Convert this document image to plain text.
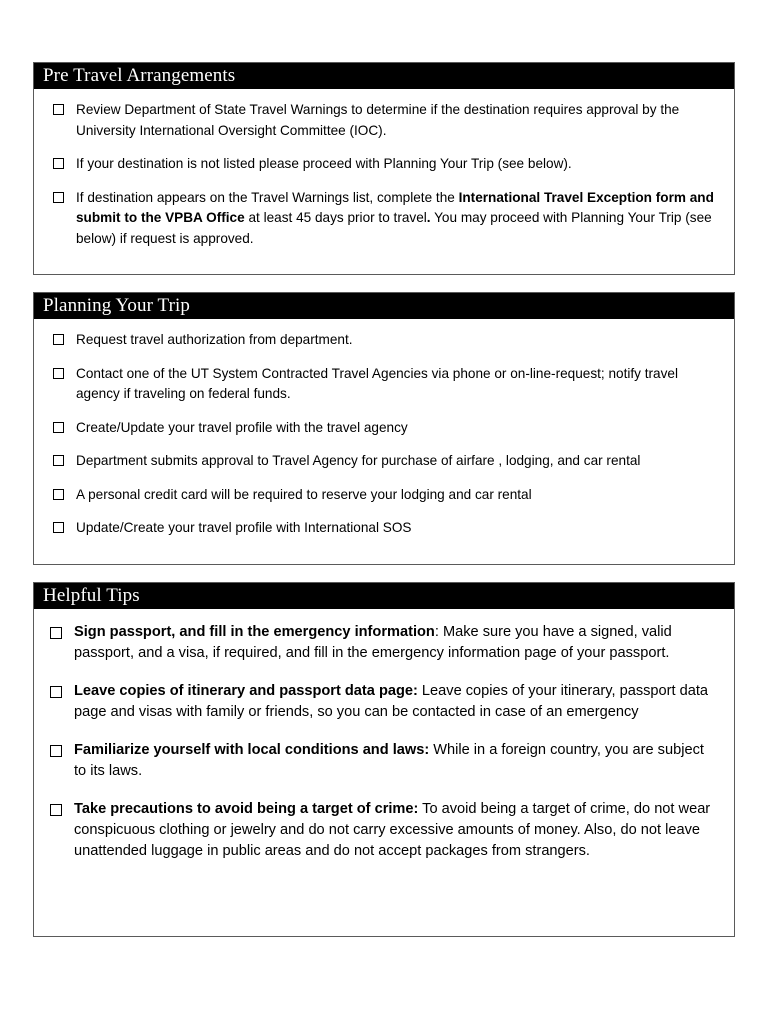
Pre Travel Arrangements
Review Department of State Travel Warnings to determine if the destination requires approval by the University International Oversight Committee (IOC).
If your destination is not listed please proceed with Planning Your Trip (see below).
If destination appears on the Travel Warnings list, complete the International Travel Exception form and submit to the VPBA Office at least 45 days prior to travel. You may proceed with Planning Your Trip (see below) if request is approved.
Planning Your Trip
Request travel authorization from department.
Contact one of the UT System Contracted Travel Agencies via phone or on-line-request; notify travel agency if traveling on federal funds.
Create/Update your travel profile with the travel agency
Department submits approval to Travel Agency for purchase of airfare , lodging, and car rental
A personal credit card will be required to reserve your lodging and car rental
Update/Create your travel profile with International SOS
Helpful Tips
Sign passport, and fill in the emergency information: Make sure you have a signed, valid passport, and a visa, if required, and fill in the emergency information page of your passport.
Leave copies of itinerary and passport data page: Leave copies of your itinerary, passport data page and visas with family or friends, so you can be contacted in case of an emergency
Familiarize yourself with local conditions and laws: While in a foreign country, you are subject to its laws.
Take precautions to avoid being a target of crime: To avoid being a target of crime, do not wear conspicuous clothing or jewelry and do not carry excessive amounts of money. Also, do not leave unattended luggage in public areas and do not accept packages from strangers.
